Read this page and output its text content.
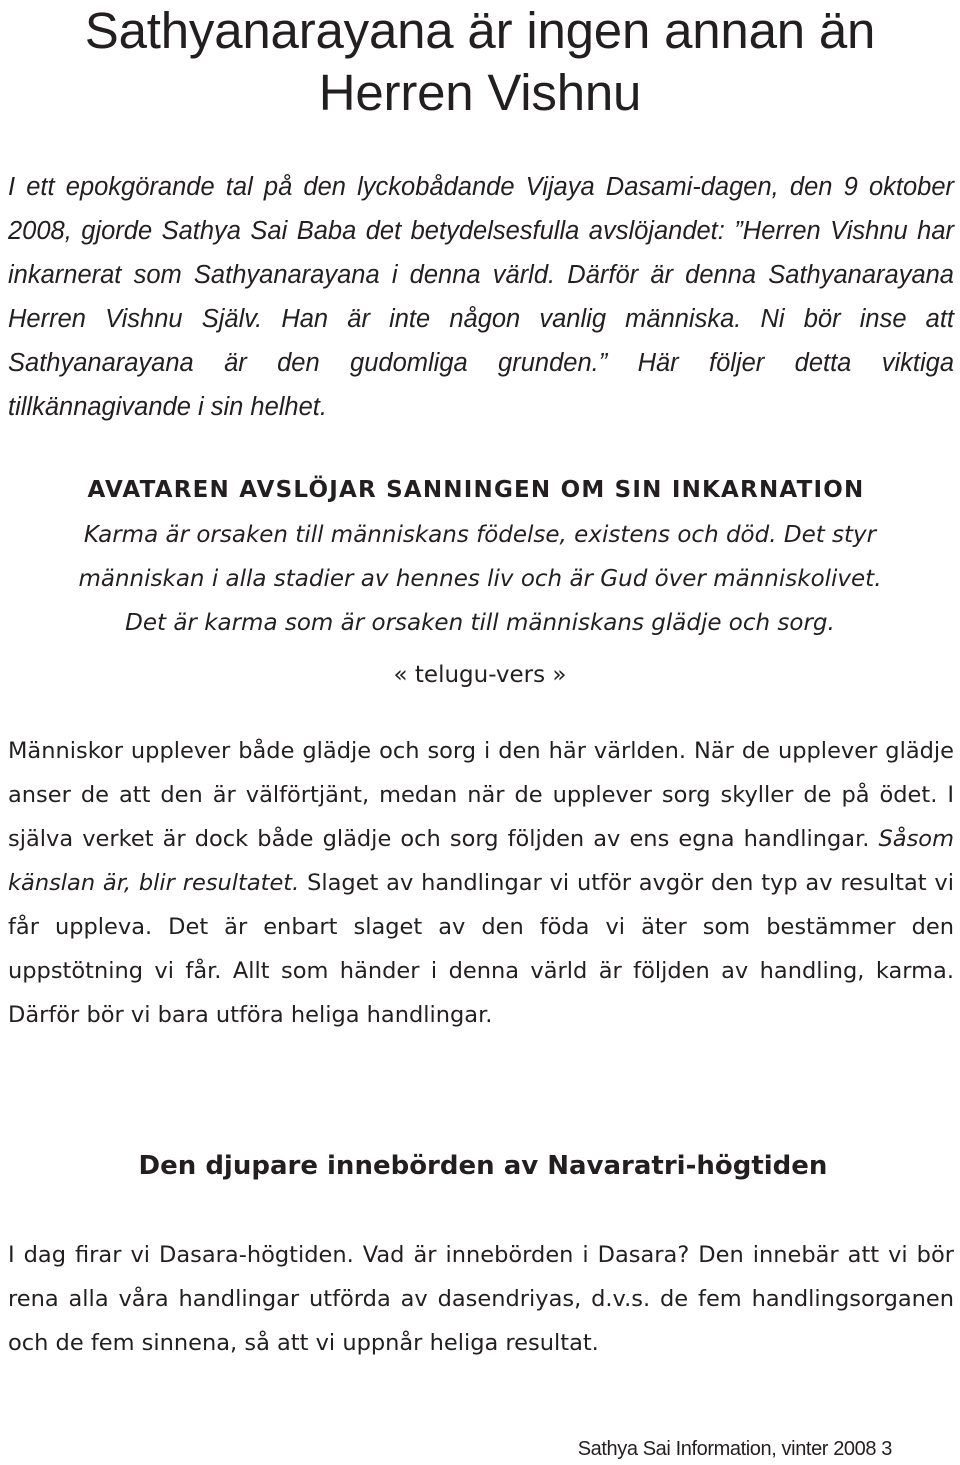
Sathyanarayana är ingen annan än
Herren Vishnu

I ett epokgörande tal på den lyckobådande Vijaya Dasami-dagen, den 9 oktober 2008, gjorde Sathya Sai Baba det betydelsesfulla avslöjandet: ”Herren Vishnu har inkarnerat som Sathyanarayana i denna värld. Därför är denna Sathyanarayana Herren Vishnu Själv. Han är inte någon vanlig människa. Ni bör inse att Sathyanarayana är den gudomliga grunden.” Här följer detta viktiga tillkännagivande i sin helhet.

AVATAREN AVSLÖJAR SANNINGEN OM SIN INKARNATION

Karma är orsaken till människans födelse, existens och död. Det styr
människan i alla stadier av hennes liv och är Gud över människolivet.
Det är karma som är orsaken till människans glädje och sorg.

« telugu-vers »

Människor upplever både glädje och sorg i den här världen. När de upplever glädje anser de att den är välförtjänt, medan när de upplever sorg skyller de på ödet. I själva verket är dock både glädje och sorg följden av ens egna handlingar. Såsom känslan är, blir resultatet. Slaget av handlingar vi utför avgör den typ av resultat vi får uppleva. Det är enbart slaget av den föda vi äter som bestämmer den uppstötning vi får. Allt som händer i denna värld är följden av handling, karma. Därför bör vi bara utföra heliga handlingar.

Den djupare innebörden av Navaratri-högtiden

I dag firar vi Dasara-högtiden. Vad är innebörden i Dasara? Den innebär att vi bör rena alla våra handlingar utförda av dasendriyas, d.v.s. de fem handlingsorganen och de fem sinnena, så att vi uppnår heliga resultat.

Sathya Sai Information, vinter 2008 3
